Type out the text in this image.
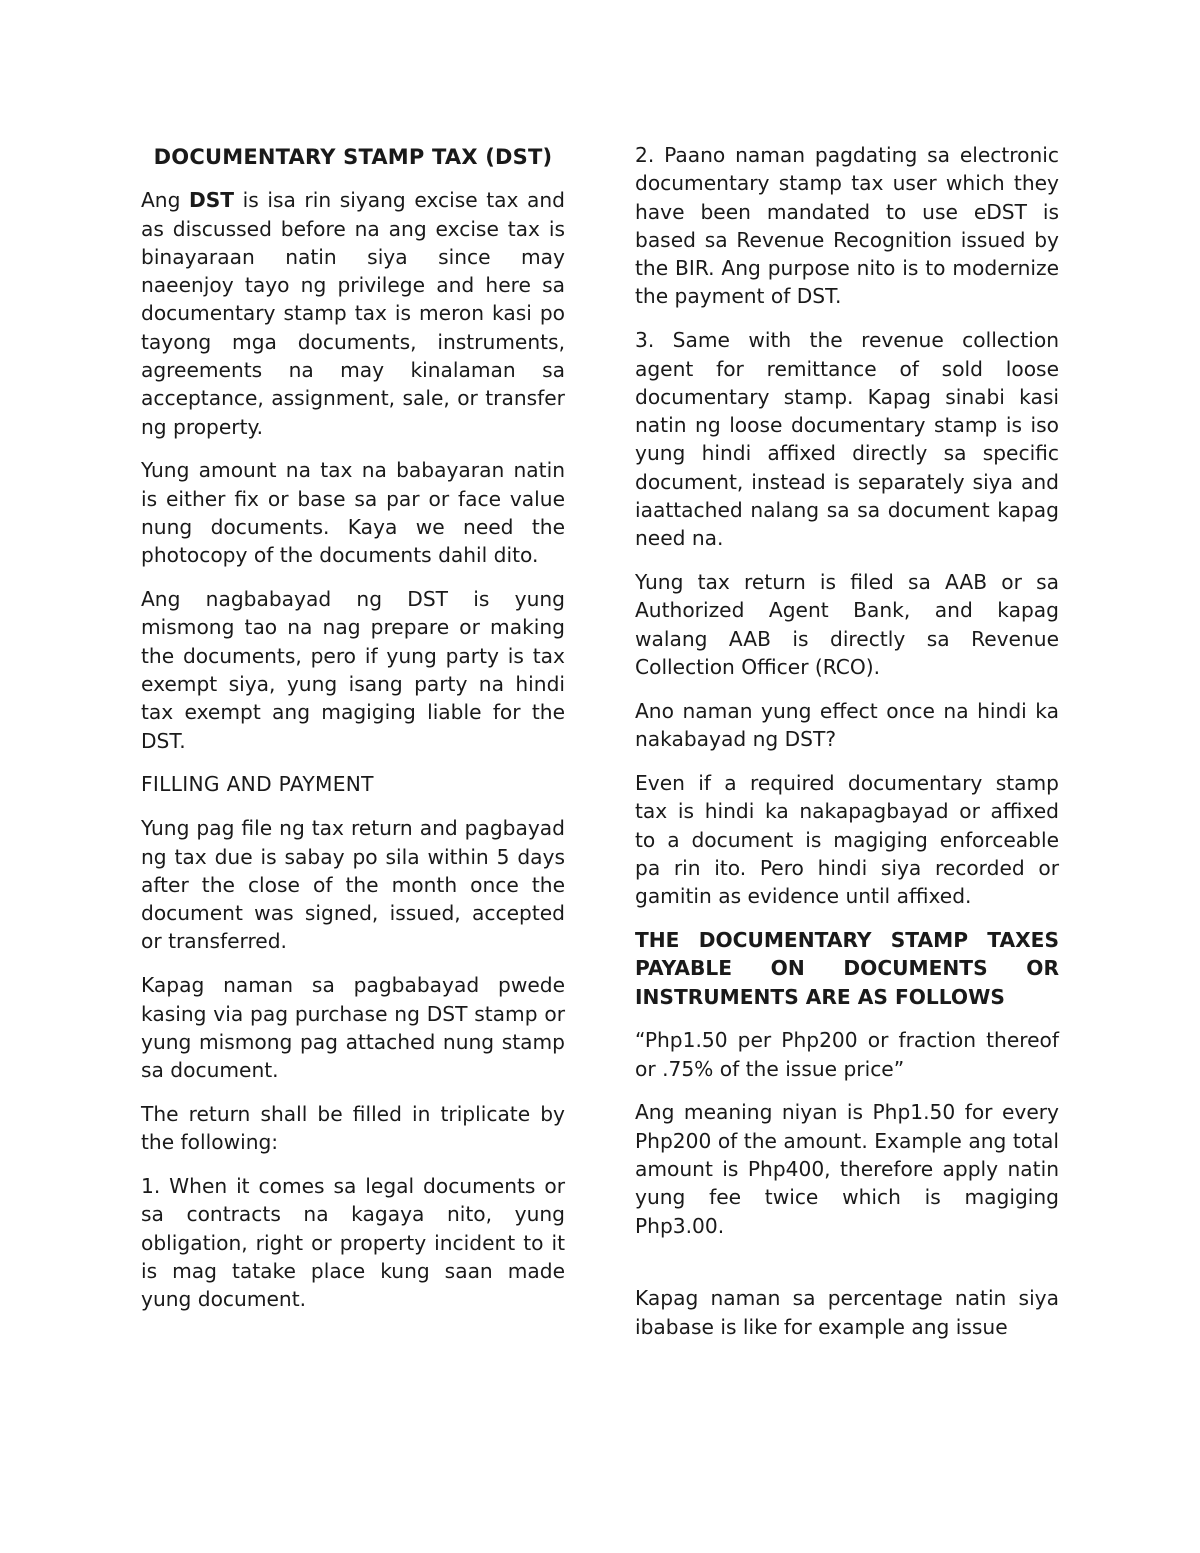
DOCUMENTARY STAMP TAX (DST)

Ang DST is isa rin siyang excise tax and as discussed before na ang excise tax is binayaraan natin siya since may naeenjoy tayo ng privilege and here sa documentary stamp tax is meron kasi po tayong mga documents, instruments, agreements na may kinalaman sa acceptance, assignment, sale, or transfer ng property.

Yung amount na tax na babayaran natin is either fix or base sa par or face value nung documents. Kaya we need the photocopy of the documents dahil dito.

Ang nagbabayad ng DST is yung mismong tao na nag prepare or making the documents, pero if yung party is tax exempt siya, yung isang party na hindi tax exempt ang magiging liable for the DST.

FILLING AND PAYMENT

Yung pag file ng tax return and pagbayad ng tax due is sabay po sila within 5 days after the close of the month once the document was signed, issued, accepted or transferred.

Kapag naman sa pagbabayad pwede kasing via pag purchase ng DST stamp or yung mismong pag attached nung stamp sa document.

The return shall be filled in triplicate by the following:

1. When it comes sa legal documents or sa contracts na kagaya nito, yung obligation, right or property incident to it is mag tatake place kung saan made yung document.

2. Paano naman pagdating sa electronic documentary stamp tax user which they have been mandated to use eDST is based sa Revenue Recognition issued by the BIR. Ang purpose nito is to modernize the payment of DST.

3. Same with the revenue collection agent for remittance of sold loose documentary stamp. Kapag sinabi kasi natin ng loose documentary stamp is iso yung hindi affixed directly sa specific document, instead is separately siya and iaattached nalang sa sa document kapag need na.

Yung tax return is filed sa AAB or sa Authorized Agent Bank, and kapag walang AAB is directly sa Revenue Collection Officer (RCO).

Ano naman yung effect once na hindi ka nakabayad ng DST?

Even if a required documentary stamp tax is hindi ka nakapagbayad or affixed to a document is magiging enforceable pa rin ito. Pero hindi siya recorded or gamitin as evidence until affixed.

THE DOCUMENTARY STAMP TAXES PAYABLE ON DOCUMENTS OR INSTRUMENTS ARE AS FOLLOWS

“Php1.50 per Php200 or fraction thereof or .75% of the issue price”

Ang meaning niyan is Php1.50 for every Php200 of the amount. Example ang total amount is Php400, therefore apply natin yung fee twice which is magiging Php3.00.

Kapag naman sa percentage natin siya ibabase is like for example ang issue
